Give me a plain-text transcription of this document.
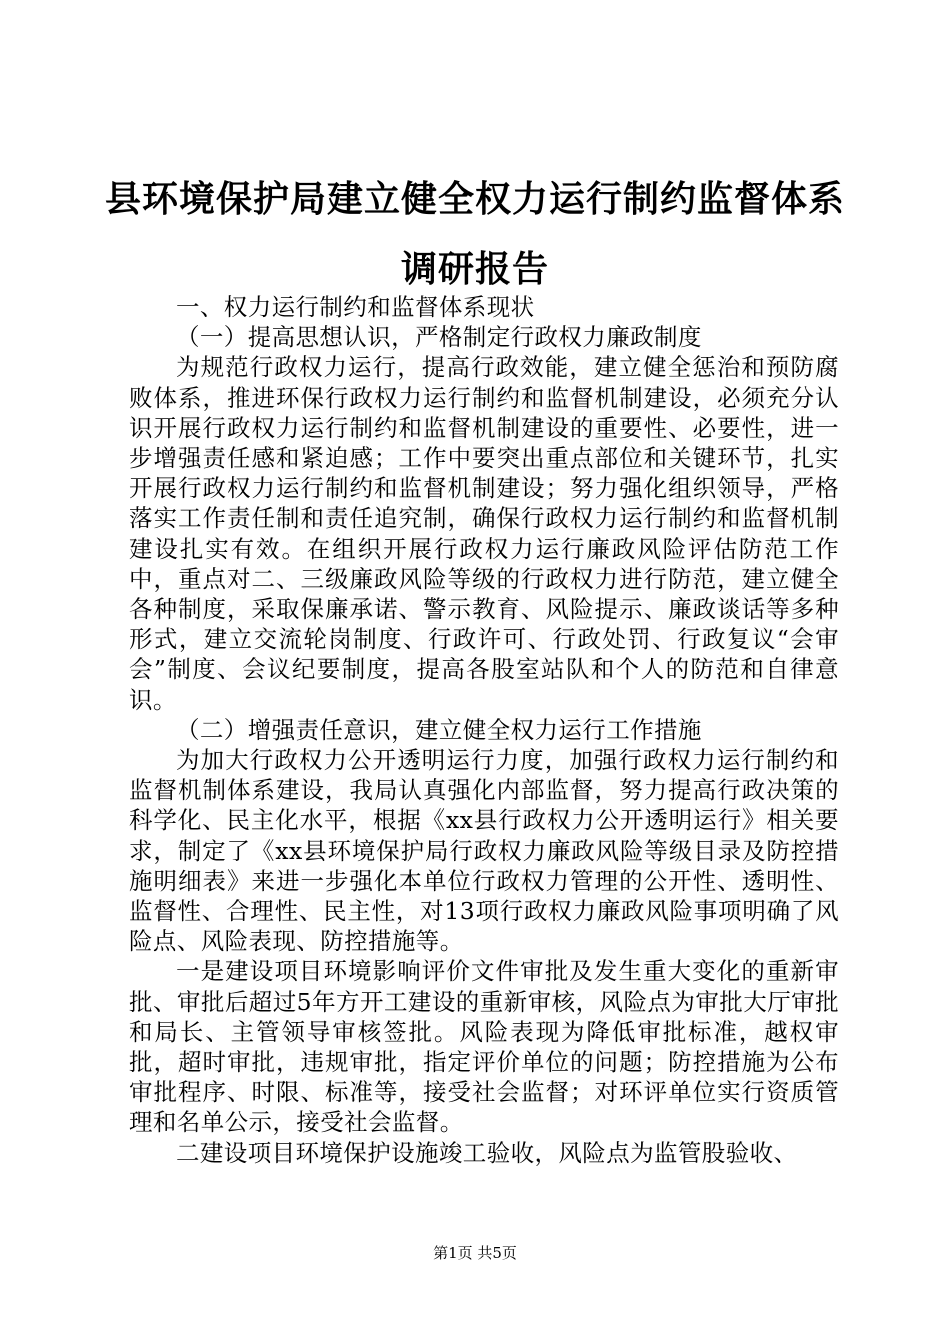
县环境保护局建立健全权力运行制约监督体系
调研报告

一、权力运行制约和监督体系现状

（一）提高思想认识，严格制定行政权力廉政制度

为规范行政权力运行，提高行政效能，建立健全惩治和预防腐败体系，推进环保行政权力运行制约和监督机制建设，必须充分认识开展行政权力运行制约和监督机制建设的重要性、必要性，进一步增强责任感和紧迫感；工作中要突出重点部位和关键环节，扎实开展行政权力运行制约和监督机制建设；努力强化组织领导，严格落实工作责任制和责任追究制，确保行政权力运行制约和监督机制建设扎实有效。在组织开展行政权力运行廉政风险评估防范工作中，重点对二、三级廉政风险等级的行政权力进行防范，建立健全各种制度，采取保廉承诺、警示教育、风险提示、廉政谈话等多种形式，建立交流轮岗制度、行政许可、行政处罚、行政复议“会审会”制度、会议纪要制度，提高各股室站队和个人的防范和自律意识。

（二）增强责任意识，建立健全权力运行工作措施

为加大行政权力公开透明运行力度，加强行政权力运行制约和监督机制体系建设，我局认真强化内部监督，努力提高行政决策的科学化、民主化水平，根据《xx县行政权力公开透明运行》相关要求，制定了《xx县环境保护局行政权力廉政风险等级目录及防控措施明细表》来进一步强化本单位行政权力管理的公开性、透明性、监督性、合理性、民主性，对13项行政权力廉政风险事项明确了风险点、风险表现、防控措施等。

一是建设项目环境影响评价文件审批及发生重大变化的重新审批、审批后超过5年方开工建设的重新审核，风险点为审批大厅审批和局长、主管领导审核签批。风险表现为降低审批标准，越权审批，超时审批，违规审批，指定评价单位的问题；防控措施为公布审批程序、时限、标准等，接受社会监督；对环评单位实行资质管理和名单公示，接受社会监督。

二建设项目环境保护设施竣工验收，风险点为监管股验收、

第1页 共5页
